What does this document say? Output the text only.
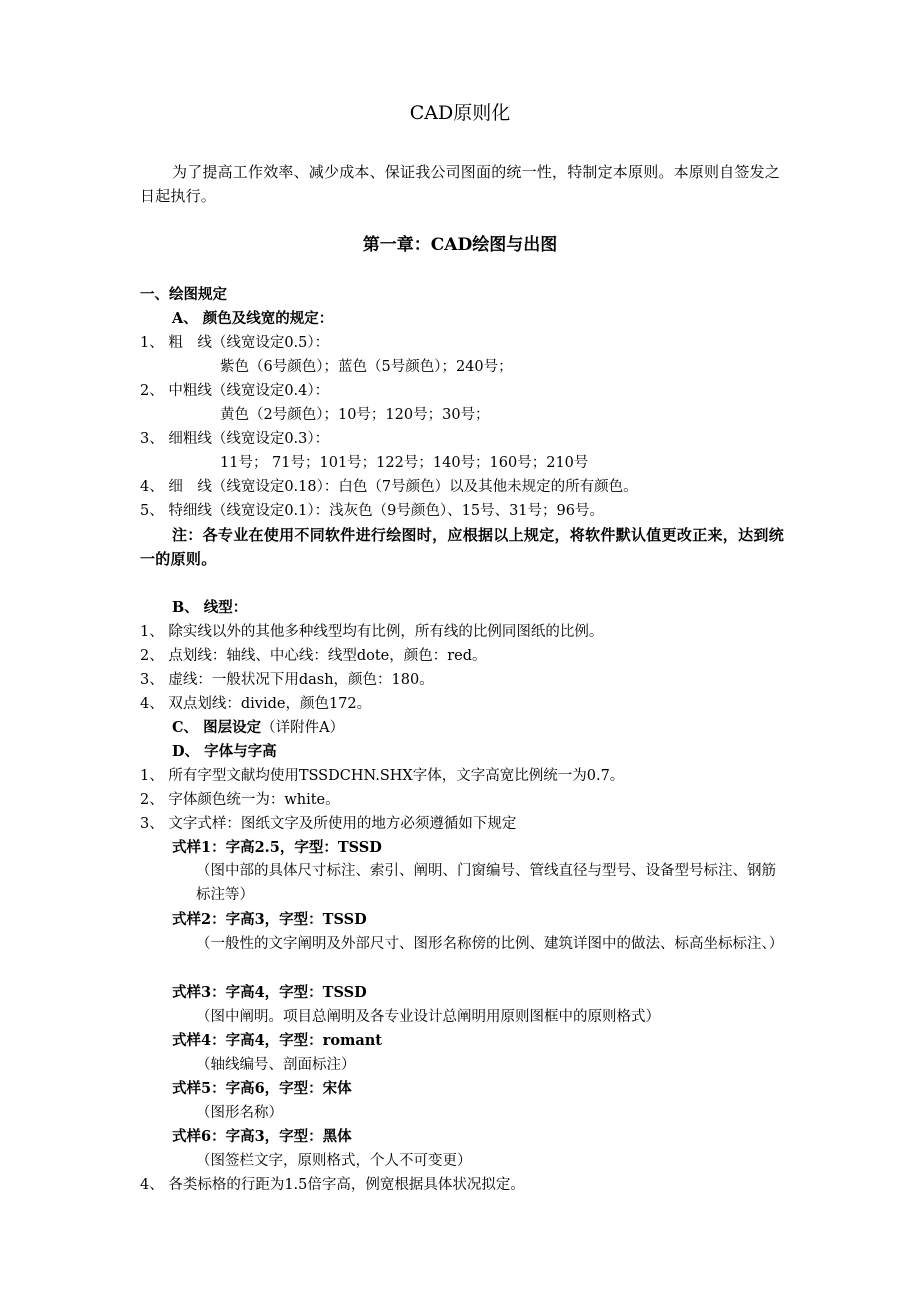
CAD原则化
为了提高工作效率、减少成本、保证我公司图面的统一性，特制定本原则。本原则自签发之日起执行。
第一章：CAD绘图与出图
一、绘图规定
A、 颜色及线宽的规定：
1、 粗　线（线宽设定0.5）：
紫色（6号颜色）；蓝色（5号颜色）；240号；
2、 中粗线（线宽设定0.4）：
黄色（2号颜色）；10号；120号；30号；
3、 细粗线（线宽设定0.3）：
11号； 71号；101号；122号；140号；160号；210号
4、 细　线（线宽设定0.18）：白色（7号颜色）以及其他未规定的所有颜色。
5、 特细线（线宽设定0.1）：浅灰色（9号颜色）、15号、31号；96号。
注：各专业在使用不同软件进行绘图时，应根据以上规定，将软件默认值更改正来，达到统一的原则。
B、 线型：
1、 除实线以外的其他多种线型均有比例，所有线的比例同图纸的比例。
2、 点划线：轴线、中心线：线型dote，颜色：red。
3、 虚线：一般状况下用dash，颜色：180。
4、 双点划线：divide，颜色172。
C、 图层设定（详附件A）
D、 字体与字高
1、 所有字型文献均使用TSSDCHN.SHX字体，文字高宽比例统一为0.7。
2、 字体颜色统一为：white。
3、 文字式样：图纸文字及所使用的地方必须遵循如下规定
式样1：字高2.5，字型：TSSD
（图中部的具体尺寸标注、索引、阐明、门窗编号、管线直径与型号、设备型号标注、钢筋标注等）
式样2：字高3，字型：TSSD
（一般性的文字阐明及外部尺寸、图形名称傍的比例、建筑详图中的做法、标高坐标标注、）
式样3：字高4，字型：TSSD
（图中阐明。项目总阐明及各专业设计总阐明用原则图框中的原则格式）
式样4：字高4，字型：romant
（轴线编号、剖面标注）
式样5：字高6，字型：宋体
（图形名称）
式样6：字高3，字型：黑体
（图签栏文字，原则格式，个人不可变更）
4、 各类标格的行距为1.5倍字高，例宽根据具体状况拟定。
